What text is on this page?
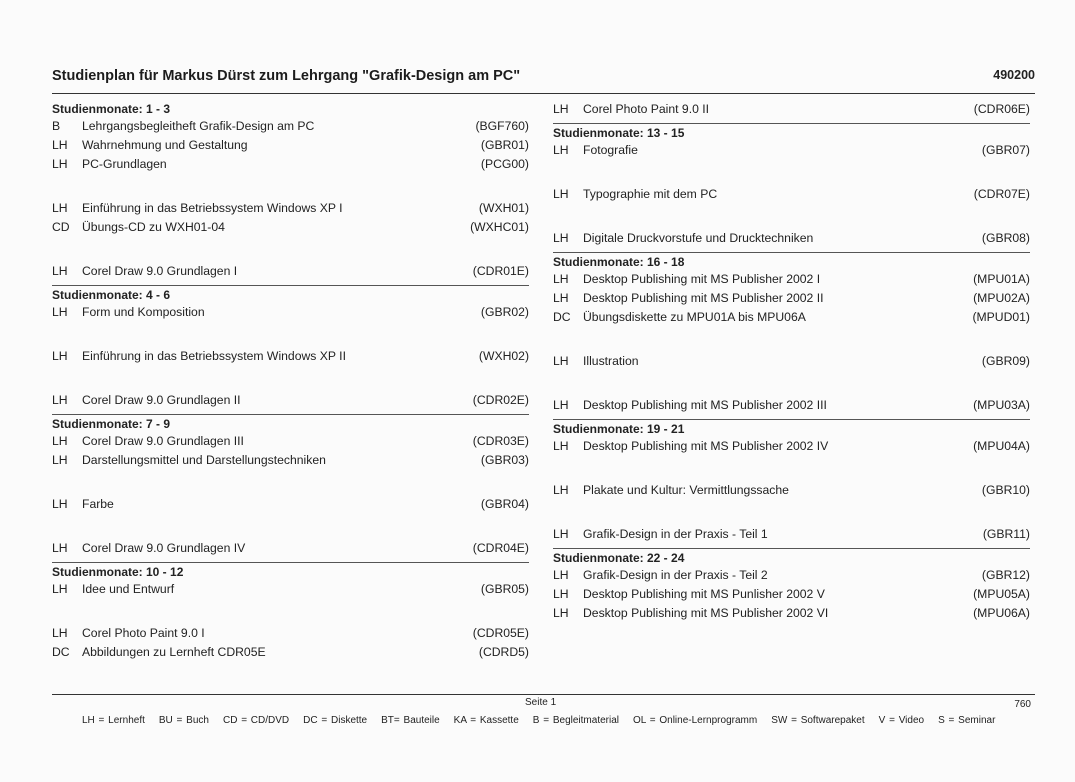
Studienplan für Markus Dürst zum Lehrgang "Grafik-Design am PC"	490200
Studienmonate: 1 - 3
B	Lehrgangsbegleitheft Grafik-Design am PC	(BGF760)
LH	Wahrnehmung und Gestaltung	(GBR01)
LH	PC-Grundlagen	(PCG00)
LH	Einführung in das Betriebssystem Windows XP I	(WXH01)
CD	Übungs-CD zu WXH01-04	(WXHC01)
LH	Corel Draw 9.0 Grundlagen I	(CDR01E)
Studienmonate: 4 - 6
LH	Form und Komposition	(GBR02)
LH	Einführung in das Betriebssystem Windows XP II	(WXH02)
LH	Corel Draw 9.0 Grundlagen II	(CDR02E)
Studienmonate: 7 - 9
LH	Corel Draw 9.0 Grundlagen III	(CDR03E)
LH	Darstellungsmittel und Darstellungstechniken	(GBR03)
LH	Farbe	(GBR04)
LH	Corel Draw 9.0 Grundlagen IV	(CDR04E)
Studienmonate: 10 - 12
LH	Idee und Entwurf	(GBR05)
LH	Corel Photo Paint 9.0 I	(CDR05E)
DC	Abbildungen zu Lernheft CDR05E	(CDRD5)
LH	Corel Photo Paint 9.0 II	(CDR06E)
Studienmonate: 13 - 15
LH	Fotografie	(GBR07)
LH	Typographie mit dem PC	(CDR07E)
LH	Digitale Druckvorstufe und Drucktechniken	(GBR08)
Studienmonate: 16 - 18
LH	Desktop Publishing mit MS Publisher 2002 I	(MPU01A)
LH	Desktop Publishing mit MS Publisher 2002 II	(MPU02A)
DC	Übungsdiskette zu MPU01A bis MPU06A	(MPUD01)
LH	Illustration	(GBR09)
LH	Desktop Publishing mit MS Publisher 2002 III	(MPU03A)
Studienmonate: 19 - 21
LH	Desktop Publishing mit MS Publisher 2002 IV	(MPU04A)
LH	Plakate und Kultur: Vermittlungssache	(GBR10)
LH	Grafik-Design in der Praxis - Teil 1	(GBR11)
Studienmonate: 22 - 24
LH	Grafik-Design in der Praxis - Teil 2	(GBR12)
LH	Desktop Publishing mit MS Punlisher 2002 V	(MPU05A)
LH	Desktop Publishing mit MS Publisher 2002 VI	(MPU06A)
Seite 1	760
LH = Lernheft BU = Buch CD = CD/DVD DC = Diskette BT= Bauteile KA = Kassette B = Begleitmaterial OL = Online-Lernprogramm SW = Softwarepaket V = Video S = Seminar
